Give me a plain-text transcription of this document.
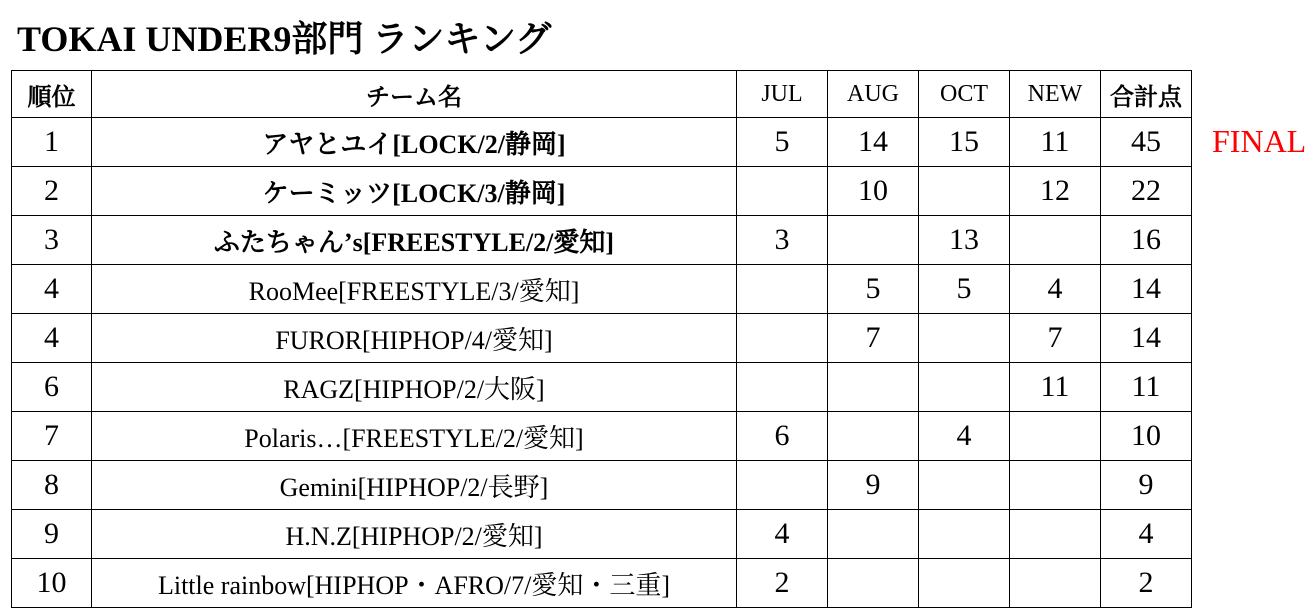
TOKAI UNDER9部門 ランキング
順位	チーム名	JUL	AUG	OCT	NEW	合計点
1	アヤとユイ[LOCK/2/静岡]	5	14	15	11	45
2	ケーミッツ[LOCK/3/静岡]		10		12	22
3	ふたちゃん’s[FREESTYLE/2/愛知]	3		13		16
4	RooMee[FREESTYLE/3/愛知]		5	5	4	14
4	FUROR[HIPHOP/4/愛知]		7		7	14
6	RAGZ[HIPHOP/2/大阪]				11	11
7	Polaris…[FREESTYLE/2/愛知]	6		4		10
8	Gemini[HIPHOP/2/長野]		9			9
9	H.N.Z[HIPHOP/2/愛知]	4				4
10	Little rainbow[HIPHOP・AFRO/7/愛知・三重]	2				2
FINAL
